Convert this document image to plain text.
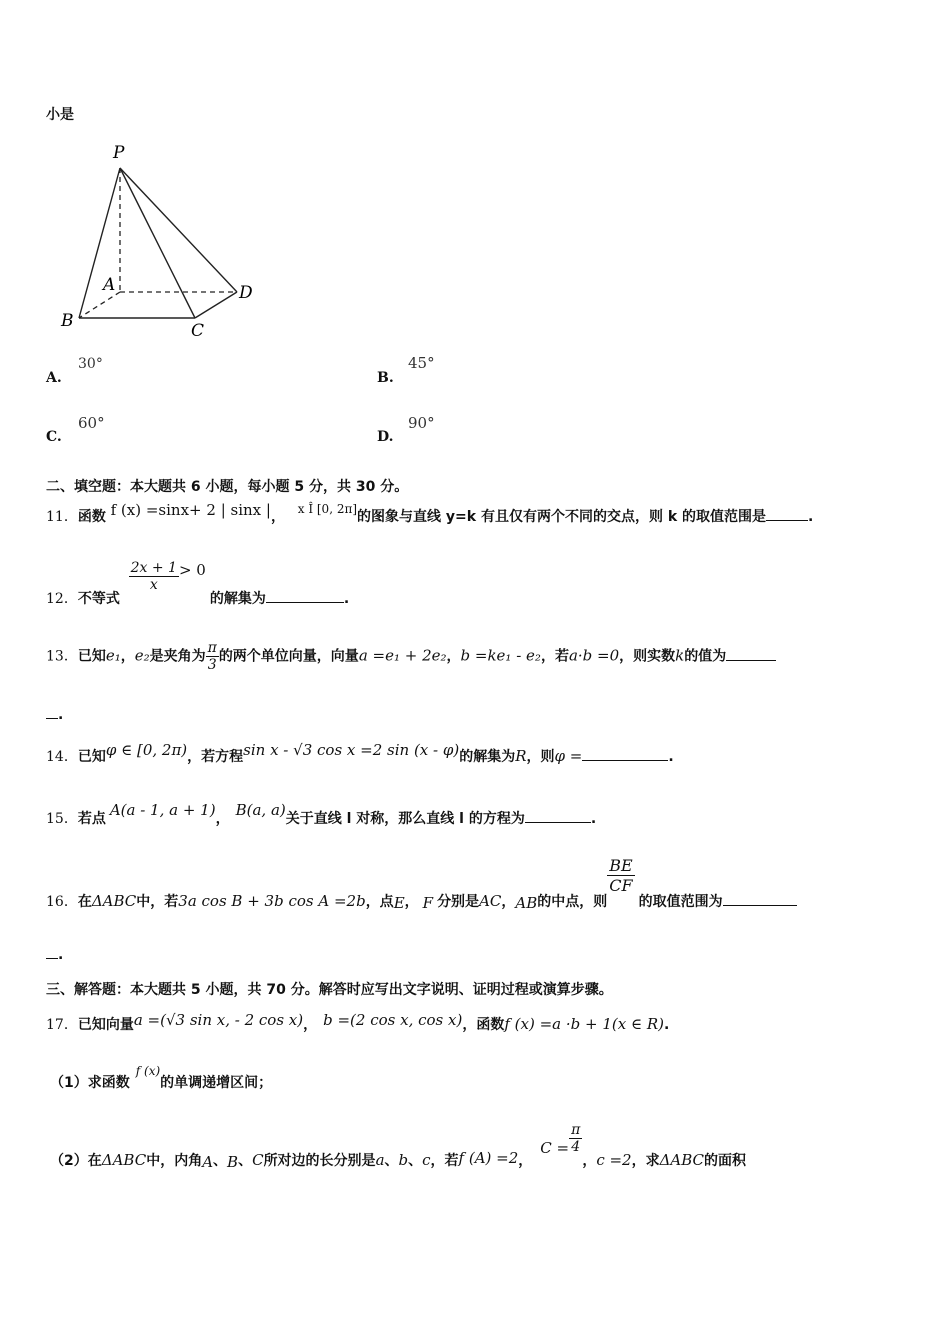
小是
P
A
B	C
D
A.
30°
B.
45°
C.
60°
D.
90°
二、填空题：本大题共 6 小题，每小题 5 分，共 30 分。
11．函数 f (x) =sinx+ 2 | sinx |， $^{x Î [0, 2\pi]}$的图象与直线 y=k 有且仅有两个不同的交点，则 k 的取值范围是	.
12．不等式
$\frac{2x + 1}{x} > 0$的解集为	.
13．已知e₁，e₂是夹角为 $\frac{\pi}{3}$ 的两个单位向量，向量a =e₁ + 2e₂，b =ke₁ - e₂，若a·b =0，则实数k的值为
.
14．已知φ ∈ [0, 2π)，若方程sin x - √3 cos x =2 sin (x - φ)的解集为R，则φ =	.
15．若点 A(a - 1, a + 1)， B(a, a)关于直线 l 对称，那么直线 l 的方程为	.
16．在ΔABC中，若3a cos B + 3b cos A =2b，点E， F 分别是AC，AB的中点，则
$\frac{BE}{CF}$
的取值范围为
.
三、解答题：本大题共 5 小题，共 70 分。解答时应写出文字说明、证明过程或演算步骤。
17．已知向量a =(√3 sin x, - 2 cos x)， b =(2 cos x, cos x)，函数f (x) =a ·b + 1(x ∈ R).
（1）求函数$^{f (x)}$的单调递增区间；
（2）在ΔABC中，内角A、B、C所对边的长分别是a、b、c，若f (A) =2，$C = \frac{\pi}{4}$
，c =2，求ΔABC的面积
